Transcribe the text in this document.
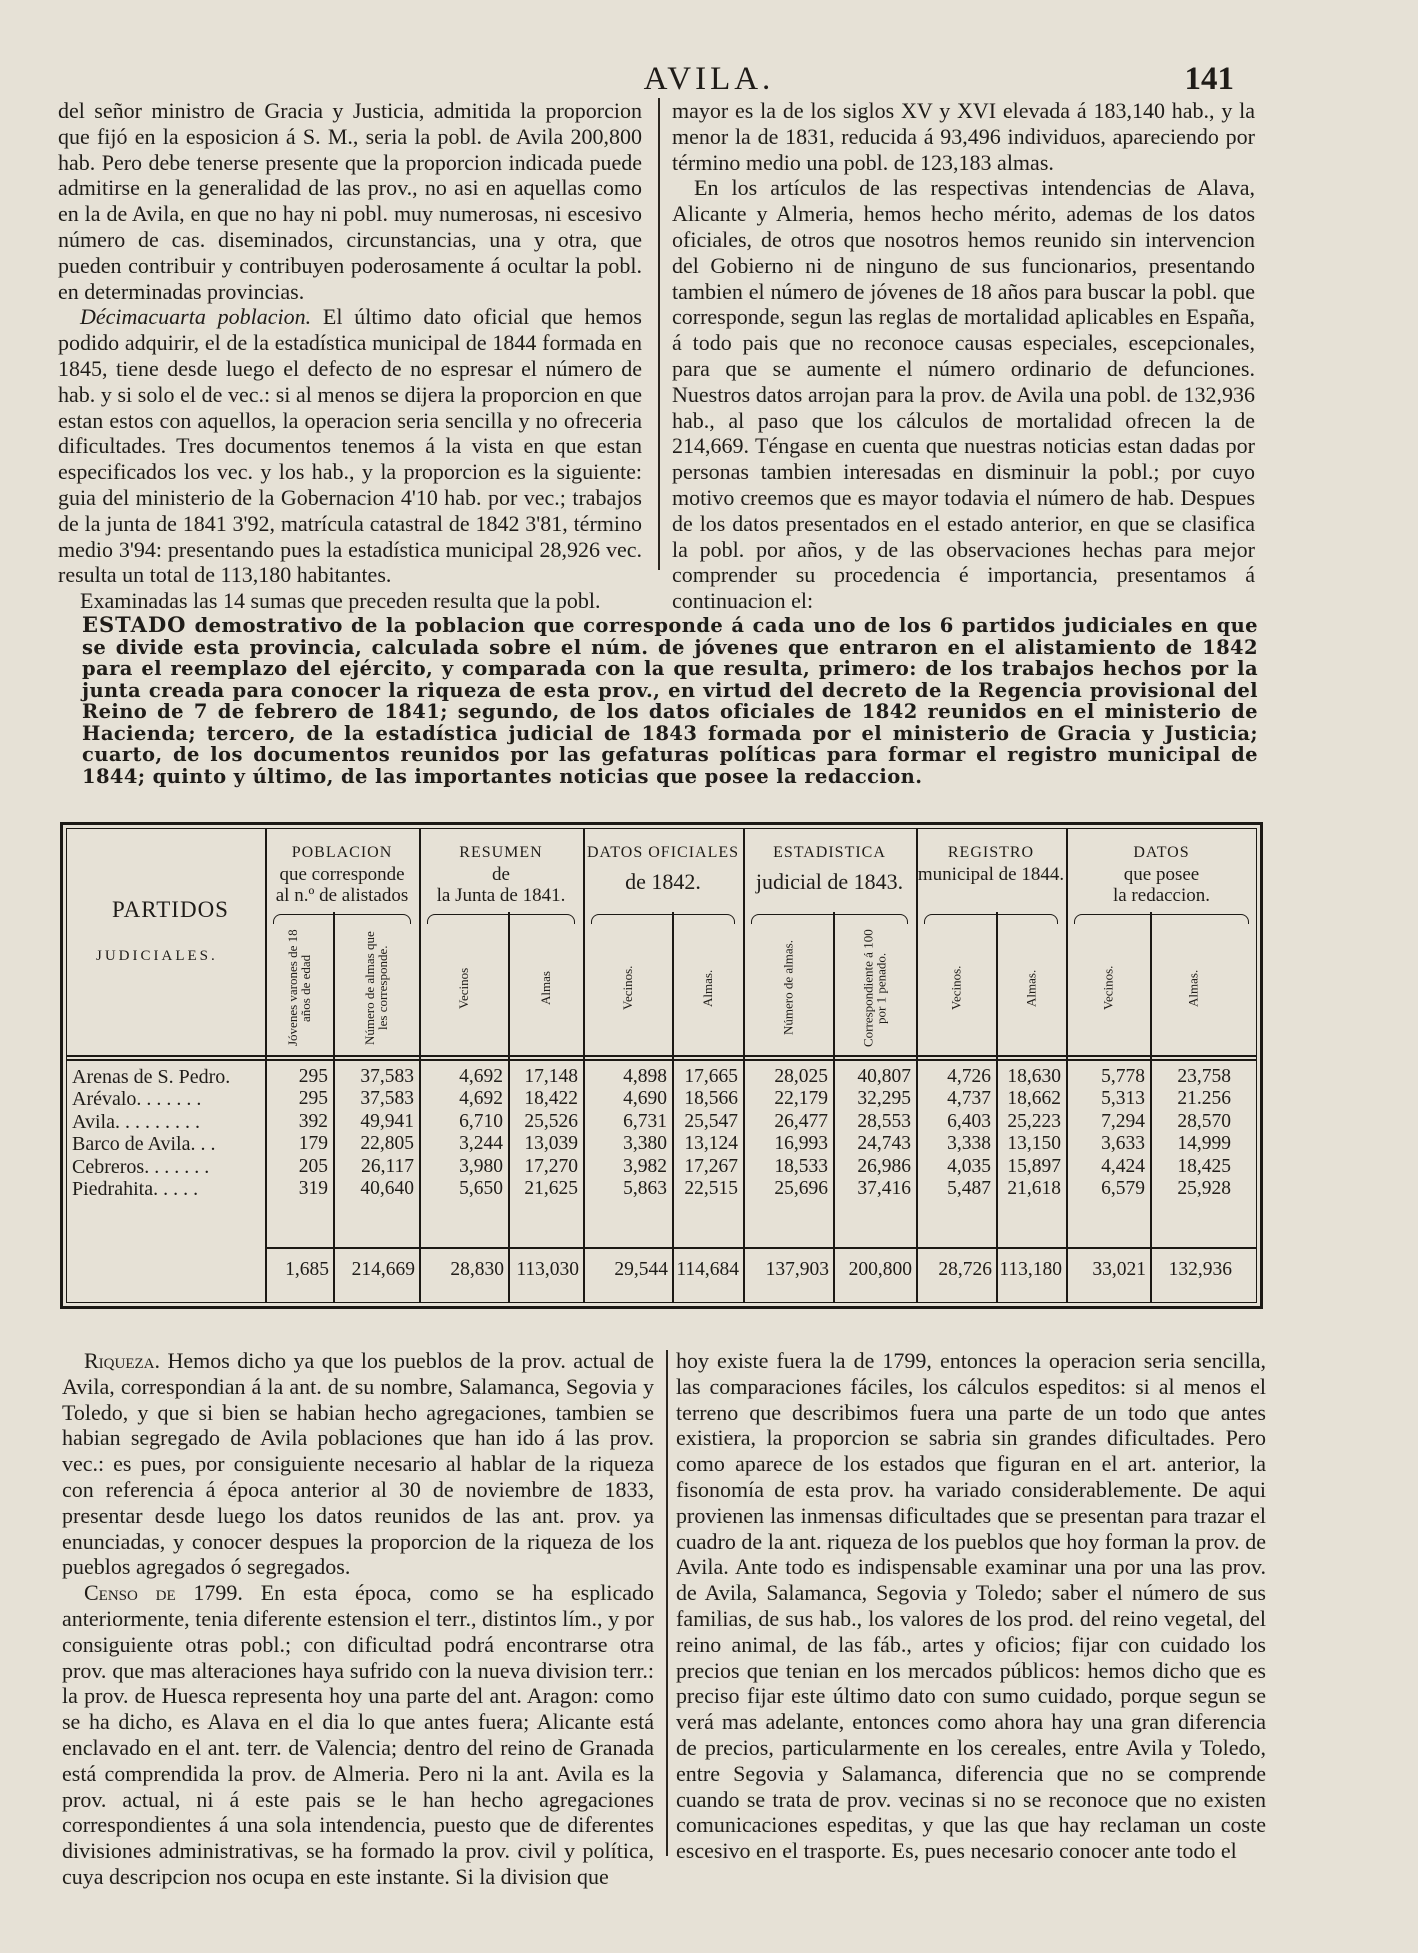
AVILA.	141

del señor ministro de Gracia y Justicia, admitida la proporcion que fijó en la esposicion á S. M., seria la pobl. de Avila 200,800 hab. Pero debe tenerse presente que la proporcion indicada puede admitirse en la generalidad de las prov., no asi en aquellas como en la de Avila, en que no hay ni pobl. muy numerosas, ni escesivo número de cas. diseminados, circunstancias, una y otra, que pueden contribuir y contribuyen poderosamente á ocultar la pobl. en determinadas provincias.

Décimacuarta poblacion. El último dato oficial que hemos podido adquirir, el de la estadística municipal de 1844 formada en 1845, tiene desde luego el defecto de no espresar el número de hab. y si solo el de vec.: si al menos se dijera la proporcion en que estan estos con aquellos, la operacion seria sencilla y no ofreceria dificultades. Tres documentos tenemos á la vista en que estan especificados los vec. y los hab., y la proporcion es la siguiente: guia del ministerio de la Gobernacion 4'10 hab. por vec.; trabajos de la junta de 1841 3'92, matrícula catastral de 1842 3'81, término medio 3'94: presentando pues la estadística municipal 28,926 vec. resulta un total de 113,180 habitantes.

Examinadas las 14 sumas que preceden resulta que la pobl.

mayor es la de los siglos XV y XVI elevada á 183,140 hab., y la menor la de 1831, reducida á 93,496 individuos, apareciendo por término medio una pobl. de 123,183 almas.

En los artículos de las respectivas intendencias de Alava, Alicante y Almeria, hemos hecho mérito, ademas de los datos oficiales, de otros que nosotros hemos reunido sin intervencion del Gobierno ni de ninguno de sus funcionarios, presentando tambien el número de jóvenes de 18 años para buscar la pobl. que corresponde, segun las reglas de mortalidad aplicables en España, á todo pais que no reconoce causas especiales, escepcionales, para que se aumente el número ordinario de defunciones. Nuestros datos arrojan para la prov. de Avila una pobl. de 132,936 hab., al paso que los cálculos de mortalidad ofrecen la de 214,669. Téngase en cuenta que nuestras noticias estan dadas por personas tambien interesadas en disminuir la pobl.; por cuyo motivo creemos que es mayor todavia el número de hab. Despues de los datos presentados en el estado anterior, en que se clasifica la pobl. por años, y de las observaciones hechas para mejor comprender su procedencia é importancia, presentamos á continuacion el:

ESTADO demostrativo de la poblacion que corresponde á cada uno de los 6 partidos judiciales en que se divide esta provincia, calculada sobre el núm. de jóvenes que entraron en el alistamiento de 1842 para el reemplazo del ejército, y comparada con la que resulta, primero: de los trabajos hechos por la junta creada para conocer la riqueza de esta prov., en virtud del decreto de la Regencia provisional del Reino de 7 de febrero de 1841; segundo, de los datos oficiales de 1842 reunidos en el ministerio de Hacienda; tercero, de la estadística judicial de 1843 formada por el ministerio de Gracia y Justicia; cuarto, de los documentos reunidos por las gefaturas políticas para formar el registro municipal de 1844; quinto y último, de las importantes noticias que posee la redaccion.
PARTIDOS
JUDICIALES.
POBLACION
que corresponde
al n.º de alistados
RESUMEN
de
la Junta de 1841.
DATOS OFICIALES
de 1842.
ESTADISTICA
judicial de 1843.
REGISTRO
municipal de 1844.
DATOS
que posee
la redaccion.
Jóvenes varones de 18 años de edad	Número de almas que les corresponde.	Vecinos	Almas	Vecinos.	Almas.	Número de almas.	Correspondiente á 100 por 1 penado.	Vecinos.	Almas.	Vecinos.	Almas.
Arenas de S. Pedro.	295	37,583	4,692	17,148	4,898 17,665	28,025	40,807	4,726 18,630	5,778	23,758
Arévalo. . . . . . .	295	37,583	4,692	18,422	4,690 18,566	22,179	32,295	4,737 18,662	5,313	21.256
Avila. . . . . . . . .	392	49,941	6,710	25,526	6,731 25,547	26,477	28,553	6,403 25,223	7,294	28,570
Barco de Avila. . .	179	22,805	3,244	13,039	3,380 13,124	16,993	24,743	3,338 13,150	3,633	14,999
Cebreros. . . . . . .	205	26,117	3,980	17,270	3,982 17,267	18,533	26,986	4,035 15,897	4,424	18,425
Piedrahita. . . . .	319	40,640	5,650	21,625	5,863 22,515	25,696	37,416	5,487 21,618	6,579	25,928
1,685	214,669	28,830 113,030	29,544 114,684	137,903	200,800	28,726 113,180	33,021	132,936

Riqueza. Hemos dicho ya que los pueblos de la prov. actual de Avila, correspondian á la ant. de su nombre, Salamanca, Segovia y Toledo, y que si bien se habian hecho agregaciones, tambien se habian segregado de Avila poblaciones que han ido á las prov. vec.: es pues, por consiguiente necesario al hablar de la riqueza con referencia á época anterior al 30 de noviembre de 1833, presentar desde luego los datos reunidos de las ant. prov. ya enunciadas, y conocer despues la proporcion de la riqueza de los pueblos agregados ó segregados.

Censo de 1799. En esta época, como se ha esplicado anteriormente, tenia diferente estension el terr., distintos lím., y por consiguiente otras pobl.; con dificultad podrá encontrarse otra prov. que mas alteraciones haya sufrido con la nueva division terr.: la prov. de Huesca representa hoy una parte del ant. Aragon: como se ha dicho, es Alava en el dia lo que antes fuera; Alicante está enclavado en el ant. terr. de Valencia; dentro del reino de Granada está comprendida la prov. de Almeria. Pero ni la ant. Avila es la prov. actual, ni á este pais se le han hecho agregaciones correspondientes á una sola intendencia, puesto que de diferentes divisiones administrativas, se ha formado la prov. civil y política, cuya descripcion nos ocupa en este instante. Si la division que

hoy existe fuera la de 1799, entonces la operacion seria sencilla, las comparaciones fáciles, los cálculos espeditos: si al menos el terreno que describimos fuera una parte de un todo que antes existiera, la proporcion se sabria sin grandes dificultades. Pero como aparece de los estados que figuran en el art. anterior, la fisonomía de esta prov. ha variado considerablemente. De aqui provienen las inmensas dificultades que se presentan para trazar el cuadro de la ant. riqueza de los pueblos que hoy forman la prov. de Avila. Ante todo es indispensable examinar una por una las prov. de Avila, Salamanca, Segovia y Toledo; saber el número de sus familias, de sus hab., los valores de los prod. del reino vegetal, del reino animal, de las fáb., artes y oficios; fijar con cuidado los precios que tenian en los mercados públicos: hemos dicho que es preciso fijar este último dato con sumo cuidado, porque segun se verá mas adelante, entonces como ahora hay una gran diferencia de precios, particularmente en los cereales, entre Avila y Toledo, entre Segovia y Salamanca, diferencia que no se comprende cuando se trata de prov. vecinas si no se reconoce que no existen comunicaciones espeditas, y que las que hay reclaman un coste escesivo en el trasporte. Es, pues necesario conocer ante todo el
